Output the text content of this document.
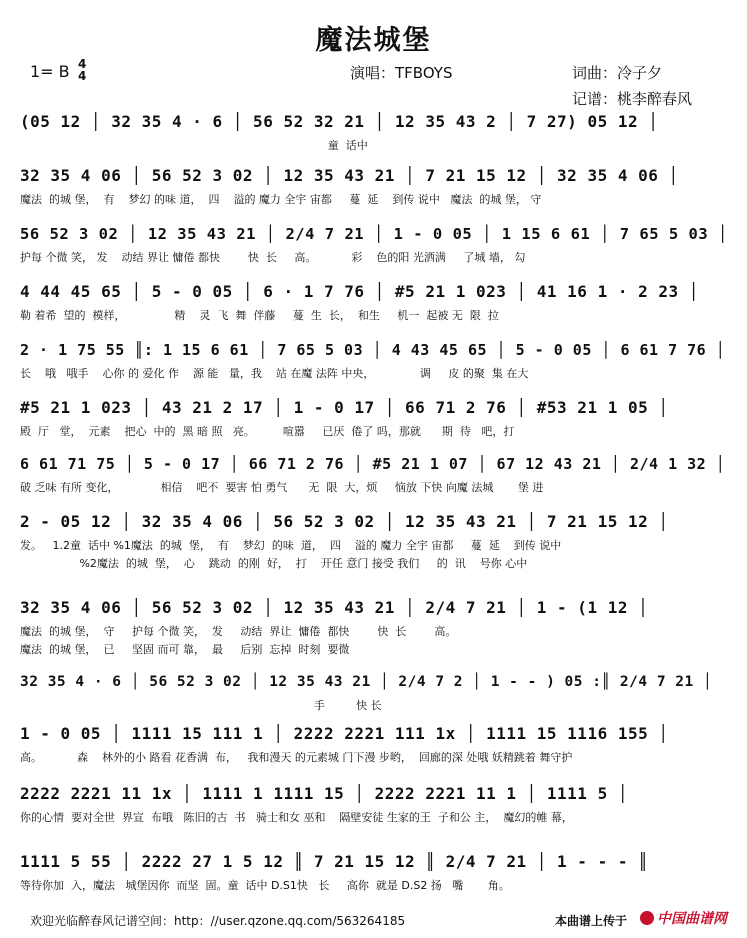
魔法城堡
1= B 4
4	演唱：TFBOYS	词曲：冷子夕
记谱：桃李醉春风
(05 12 │ 32 35 4 · 6 │ 56 52 32 21 │ 12 35 43 2 │ 7 27) 05 12 │
童  话中
32 35 4 06 │ 56 52 3 02 │ 12 35 43 21 │ 7 21 15 12 │ 32 35 4 06 │
魔法  的城 堡，  有    梦幻 的味 道，  四    溢的 魔力 全宇 宙都     蔓  延    到传 说中   魔法  的城 堡， 守
56 52 3 02 │ 12 35 43 21 │ 2/4 7 21 │ 1 - 0 05 │ 1 15 6 61 │ 7 65 5 03 │
护每 个微 笑， 发    动结 界让 慵倦 都快        快  长     高。          彩    色的阳 光洒满     了城 墙， 勾
4 44 45 65 │ 5 - 0 05 │ 6 · 1 7 76 │ #5 21 1 023 │ 41 16 1 · 2 23 │
勒 着希  望的  模样，              精    灵  飞  舞  伴藤     蔓  生  长，  和生     机一  起被 无  限  拉
2 · 1 75 55 ║: 1 15 6 61 │ 7 65 5 03 │ 4 43 45 65 │ 5 - 0 05 │ 6 61 7 76 │
长    哦   哦手    心你 的 爱化 作    源 能   量，我    站 在魔 法阵 中央，             调     皮 的聚  集 在大
#5 21 1 023 │ 43 21 2 17 │ 1 - 0 17 │ 66 71 2 76 │ #53 21 1 05 │
殿  厅   堂，  元素    把心  中的  黑 暗 照   亮。        喧嚣     已厌  倦了 吗，那就      期  待   吧，打
6 61 71 75 │ 5 - 0 17 │ 66 71 2 76 │ #5 21 1 07 │ 67 12 43 21 │ 2/4 1 32 │
破 乏味 有所 变化，            相信    吧不  要害 怕 勇气      无  限  大，烦     恼放 下快 向魔 法城       堡 进
2 - 05 12 │ 32 35 4 06 │ 56 52 3 02 │ 12 35 43 21 │ 7 21 15 12 │
发。   1.2童  话中 %1魔法  的城  堡，  有    梦幻  的味  道，  四    溢的 魔力 全宇 宙都     蔓  延    到传 说中
%2魔法  的城  堡，  心    跳动  的刚  好，  打    开任 意门 接受 我们     的  讯    号你 心中
32 35 4 06 │ 56 52 3 02 │ 12 35 43 21 │ 2/4 7 21 │ 1 - (1 12 │
魔法  的城 堡，  守     护每 个微 笑，  发     动结  界让  慵倦  都快        快  长        高。
魔法  的城 堡，  已     坚固 而可 靠，  最     后别  忘掉  时刻  要微
32 35 4 · 6 │ 56 52 3 02 │ 12 35 43 21 │ 2/4 7 2 │ 1 - - ) 05 :║ 2/4 7 21 │
手         快 长
1 - 0 05 │ 1111 15 111 1 │ 2222 2221 111 1x │ 1111 15 1116 155 │
高。          森    林外的小 路看 花香满  布，   我和漫天 的元素城 门下漫 步哟，  回廊的深 处哦 妖精跳着 舞守护
2222 2221 11 1x │ 1111 1 1111 15 │ 2222 2221 11 1 │ 1111 5 │
你的心情  要对全世  界宣  布哦   陈旧的古  书   骑士和女 巫和    隔壁安徒 生家的王  子和公 主，  魔幻的帷 幕，
1111 5 55 │ 2222 27 1 5 12 ║ 7 21 15 12 ║ 2/4 7 21 │ 1 - - - ║
等待你加  入，魔法   城堡因你  而坚  固。童  话中 D.S1快   长     高你  就是 D.S2 扬   嘴       角。
欢迎光临醉春风记谱空间：http：//user.qzone.qq.com/563264185	本曲谱上传于	中国曲谱网
